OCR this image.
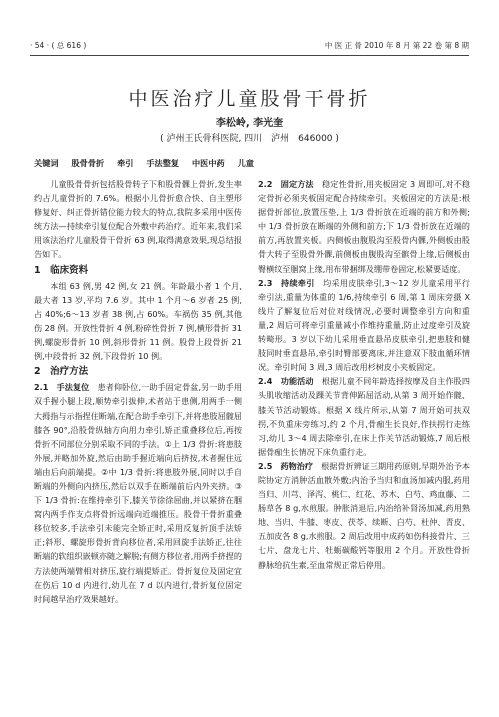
· 54 · ( 总 616 )	中 医 正 骨 2010 年 8 月 第 22 卷 第 8 期
中医治疗儿童股骨干骨折
李松岭, 李光奎
( 泸州王氏骨科医院, 四川　泸州　646000 )
关键词 股骨骨折 牵引 手法整复 中医中药 儿童

儿童股骨骨折包括股骨转子下和股骨髁上骨折,发生率约占儿童骨折的 7.6%。根据小儿骨折愈合快、自主塑形修复好、纠正骨折错位能力较大的特点,我院多采用中医传统方法—持续牵引复位配合外敷中药治疗。近年来,我们采用该法治疗儿童股骨干骨折 63 例,取得满意效果,现总结报告如下。

1　临床资料

本组 63 例,男 42 例,女 21 例。年龄最小者 1 个月,最大者 13 岁,平均 7.6 岁。其中 1 个月～6 岁者 25 例,占 40%;6～13 岁者 38 例,占 60%。车祸伤 35 例,其他伤 28 例。开放性骨折 4 例,粉碎性骨折 7 例,横形骨折 31 例,螺旋形骨折 10 例,斜形骨折 11 例。股骨上段骨折 21 例,中段骨折 32 例,下段骨折 10 例。

2　治疗方法

2.1　手法复位　 患者仰卧位,一助手固定骨盆,另一助手用双手握小腿上段,顺势牵引拔伸,术者站于患侧,用两手一侧大拇指与示指捏住断端,在配合助手牵引下,并将患肢屈髋屈膝各 90°,沿股骨纵轴方向用力牵引,矫正重叠移位后,再按骨折不同部位分别采取不同的手法。①上 1/3 骨折:将患肢外展,并略加外旋,然后由助手握近端向后挤按,术者握住远端由后向前端提。②中 1/3 骨折:将患肢外展,同时以手自断端的外侧向内挤压,然后以双手在断端前后内外夹挤。③下 1/3 骨折:在维持牵引下,膝关节徐徐屈曲,并以紧挤在腘窝内两手作支点将骨折远端向近端推压。股骨干骨折重叠移位较多,手法牵引未能完全矫正时,采用反复折顶手法矫正;斜形、螺旋形骨折背向移位者,采用回旋手法矫正,往往断端的软组织嵌顿亦随之解脱;有侧方移位者,用两手挤捏的方法使两端臂相对挤压,旋行端提矫正。骨折复位及固定宜在伤后 10 d 内进行,幼儿在 7 d 以内进行,骨折复位固定时间越早治疗效果越好。

2.2　固定方法　 稳定性骨折,用夹板固定 3 周即可,对不稳定骨折必须夹板固定配合持续牵引。夹板固定的方法是:根据骨折部位,放置压垫,上 1/3 骨折放在近端的前方和外侧;中 1/3 骨折放在断端的外侧和前方;下 1/3 骨折放在近端的前方,再放置夹板。内侧板由腹股沟至股骨内髁,外侧板由股骨大转子至股骨外髁,前侧板由腹股沟至髌骨上缘,后侧板由臀横纹至腘窝上缘,用布带捆绑及绷带卷固定,松紧要适度。

2.3　持续牵引　 均采用皮肤牵引,3～12 岁儿童采用平行牵引法,重量为体重的 1/6,持续牵引 6 周,第 1 周床旁摄 X 线片了解复位后对位对线情况,必要时调整牵引方向和重量,2 周后可将牵引重量减小作维持重量,防止过度牵引及旋转畸形。3 岁以下幼儿采用垂直悬吊皮肤牵引,把患肢和健肢同时垂直悬吊,牵引时臀部要离床,并注意双下肢血循环情况。牵引时间 3 周,3 周后改用杉树皮小夹板固定。

2.4　功能活动　 根据儿童不同年龄选择按摩及自主作股四头肌收缩活动及踝关节背伸跖屈活动,从第 3 周开始作髋、膝关节活动锻炼。根据 X 线片所示,从第 7 周开始可扶双拐,不负重床旁练习,约 2 个月,骨痂生长良好,作扶拐行走练习,幼儿 3～4 周去除牵引,在床上作关节活动锻炼,7 周后根据骨痂生长情况下床负重行走。

2.5　药物治疗　 根据骨折辨证三期用药原则,早期外治予本院协定方消肿活血散外敷;内治予当归和血汤加减内服,药用当归、川芎、泽泻、桃仁、红花、苏木、白芍、鸡血藤、二肠草各 8 g,水煎服。肿胀消退后,内治给补肾汤加减,药用熟地、当归、牛膝、枣皮、茯苓、续断、白芍、杜仲、青皮、五加皮各 8 g,水煎服。2 周后改用中成药如伤科接骨片、三七片、盘龙七片、牡蛎碳酸钙等服用 2 个月。开放性骨折静脉给抗生素,至血常规正常后停用。
